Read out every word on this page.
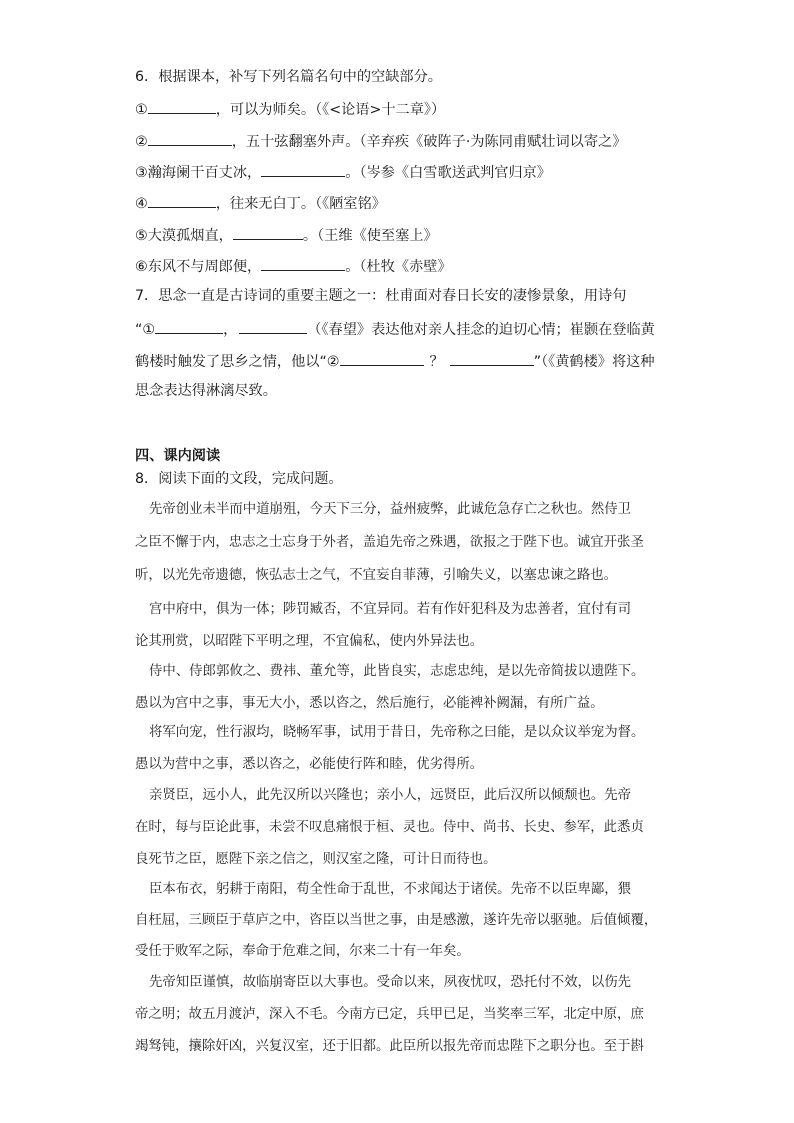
6．根据课本，补写下列名篇名句中的空缺部分。
①	，可以为师矣。（《<论语>十二章》）
②	，五十弦翻塞外声。（辛弃疾《破阵子·为陈同甫赋壮词以寄之》
③瀚海阑干百丈冰，	。（岑参《白雪歌送武判官归京》
④	，往来无白丁。（《陋室铭》
⑤大漠孤烟直，	。（王维《使至塞上》
⑥东风不与周郎便，	。（杜牧《赤壁》
7．思念一直是古诗词的重要主题之一：杜甫面对春日长安的凄惨景象，用诗句
“①	，	（《春望》表达他对亲人挂念的迫切心情；崔颢在登临黄
鹤楼时触发了思乡之情，他以“②	？	”（《黄鹤楼》将这种
思念表达得淋漓尽致。
四、课内阅读
8．阅读下面的文段，完成问题。
先帝创业未半而中道崩殂，今天下三分，益州疲弊，此诚危急存亡之秋也。然侍卫
之臣不懈于内，忠志之士忘身于外者，盖追先帝之殊遇，欲报之于陛下也。诚宜开张圣
听，以光先帝遗德，恢弘志士之气，不宜妄自菲薄，引喻失义，以塞忠谏之路也。
宫中府中，俱为一体；陟罚臧否，不宜异同。若有作奸犯科及为忠善者，宜付有司
论其刑赏，以昭陛下平明之理，不宜偏私，使内外异法也。
侍中、侍郎郭攸之、费祎、董允等，此皆良实，志虑忠纯，是以先帝简拔以遗陛下。
愚以为宫中之事，事无大小，悉以咨之，然后施行，必能裨补阙漏，有所广益。
将军向宠，性行淑均，晓畅军事，试用于昔日，先帝称之曰能，是以众议举宠为督。
愚以为营中之事，悉以咨之，必能使行阵和睦，优劣得所。
亲贤臣，远小人，此先汉所以兴隆也；亲小人，远贤臣，此后汉所以倾颓也。先帝
在时，每与臣论此事，未尝不叹息痛恨于桓、灵也。侍中、尚书、长史、参军，此悉贞
良死节之臣，愿陛下亲之信之，则汉室之隆，可计日而待也。
臣本布衣，躬耕于南阳，苟全性命于乱世，不求闻达于诸侯。先帝不以臣卑鄙，猥
自枉屈，三顾臣于草庐之中，咨臣以当世之事，由是感激，遂许先帝以驱驰。后值倾覆，
受任于败军之际，奉命于危难之间，尔来二十有一年矣。
先帝知臣谨慎，故临崩寄臣以大事也。受命以来，夙夜忧叹，恐托付不效，以伤先
帝之明；故五月渡泸，深入不毛。今南方已定，兵甲已足，当奖率三军，北定中原，庶
竭驽钝，攘除奸凶，兴复汉室，还于旧都。此臣所以报先帝而忠陛下之职分也。至于斟
